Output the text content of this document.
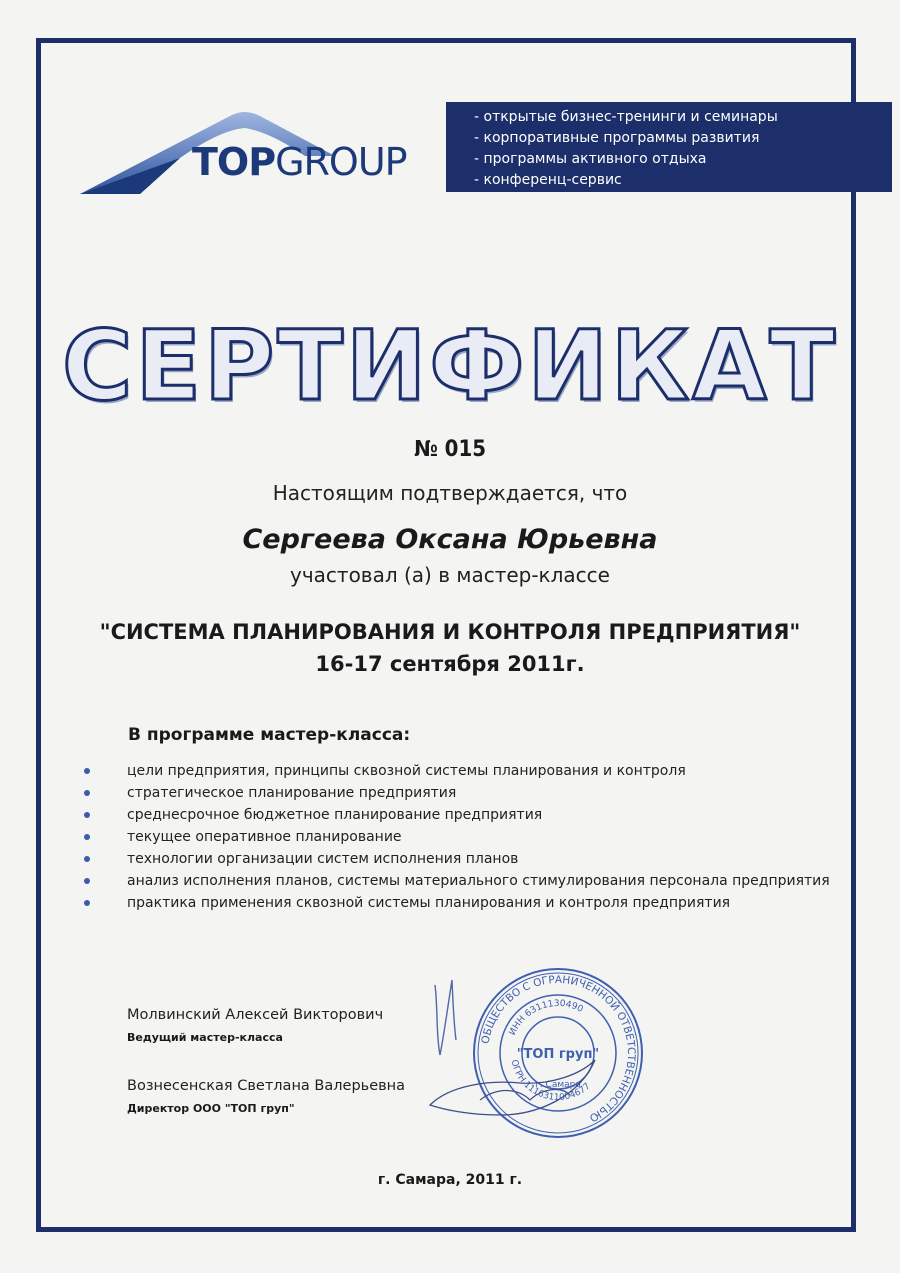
TOPGROUP
- открытые бизнес-тренинги и семинары
- корпоративные программы развития
- программы активного отдыха
- конференц-сервис
СЕРТИФИКАТ
№ 015
Настоящим подтверждается, что
Сергеева Оксана Юрьевна
участовал (а) в мастер-классе
"СИСТЕМА ПЛАНИРОВАНИЯ И КОНТРОЛЯ ПРЕДПРИЯТИЯ"
16-17 сентября 2011г.
В программе мастер-класса:
цели предприятия, принципы сквозной системы планирования и контроля
стратегическое планирование предприятия
среднесрочное бюджетное планирование предприятия
текущее оперативное планирование
технологии организации систем исполнения планов
анализ исполнения планов, системы материального стимулирования персонала предприятия
практика применения сквозной системы планирования и контроля предприятия
Молвинский Алексей Викторович
Ведущий мастер-класса
Вознесенская Светлана Валерьевна
Директор ООО "ТОП груп"
ОБЩЕСТВО С ОГРАНИЧЕННОЙ ОТВЕТСТВЕННОСТЬЮ
ИНН 6311130490
ОГРН 1116311004677
"ТОП груп"
г. Самара
г. Самара, 2011 г.
